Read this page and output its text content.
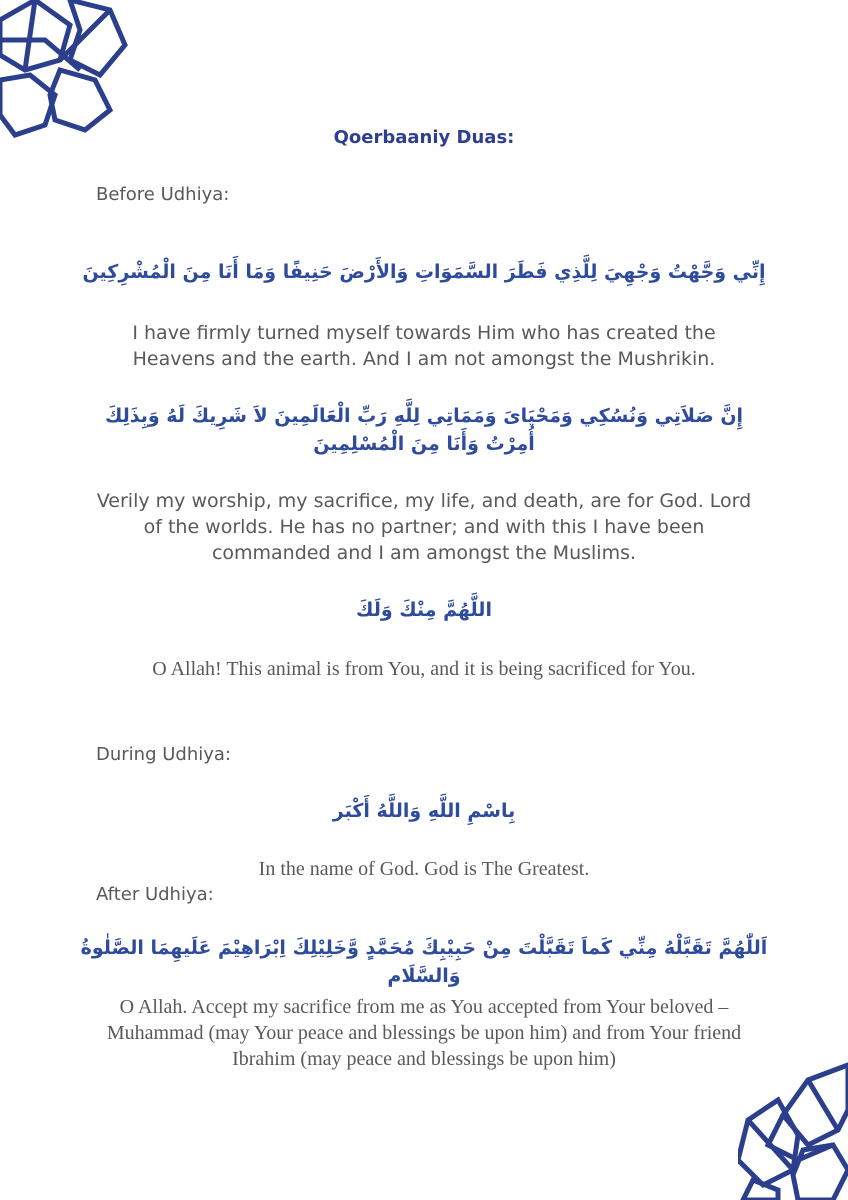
Qoerbaaniy Duas:
Before Udhiya:
إِنِّي وَجَّهْتُ وَجْهِيَ لِلَّذِي فَطَرَ السَّمَوَاتِ وَالأَرْضَ حَنِيفًا وَمَا أَنَا مِنَ الْمُشْرِكِينَ
I have firmly turned myself towards Him who has created the Heavens and the earth. And I am not amongst the Mushrikin.
إِنَّ صَلاَتِي وَنُسُكِي وَمَحْيَاىَ وَمَمَاتِي لِلَّهِ رَبِّ الْعَالَمِينَ لاَ شَرِيكَ لَهُ وَبِذَلِكَ أُمِرْتُ وَأَنَا مِنَ الْمُسْلِمِينَ
Verily my worship, my sacrifice, my life, and death, are for God. Lord of the worlds. He has no partner; and with this I have been commanded and I am amongst the Muslims.
اللَّهُمَّ مِنْكَ وَلَكَ
O Allah! This animal is from You, and it is being sacrificed for You.
During Udhiya:
بِاسْمِ اللَّهِ وَاللَّهُ أَكْبَر
In the name of God. God is The Greatest.
After Udhiya:
اَللّٰهُمَّ تَقَبَّلْهُ مِنِّي كَماَ تَقَبَّلْتَ مِنْ حَبِيْبِكَ مُحَمَّدٍ وَّخَلِيْلِكَ اِبْرَاهِيْمَ عَلَيهِمَا الصَّلٰوةُ وَالسَّلَام
O Allah. Accept my sacrifice from me as You accepted from Your beloved – Muhammad (may Your peace and blessings be upon him) and from Your friend Ibrahim (may peace and blessings be upon him)
